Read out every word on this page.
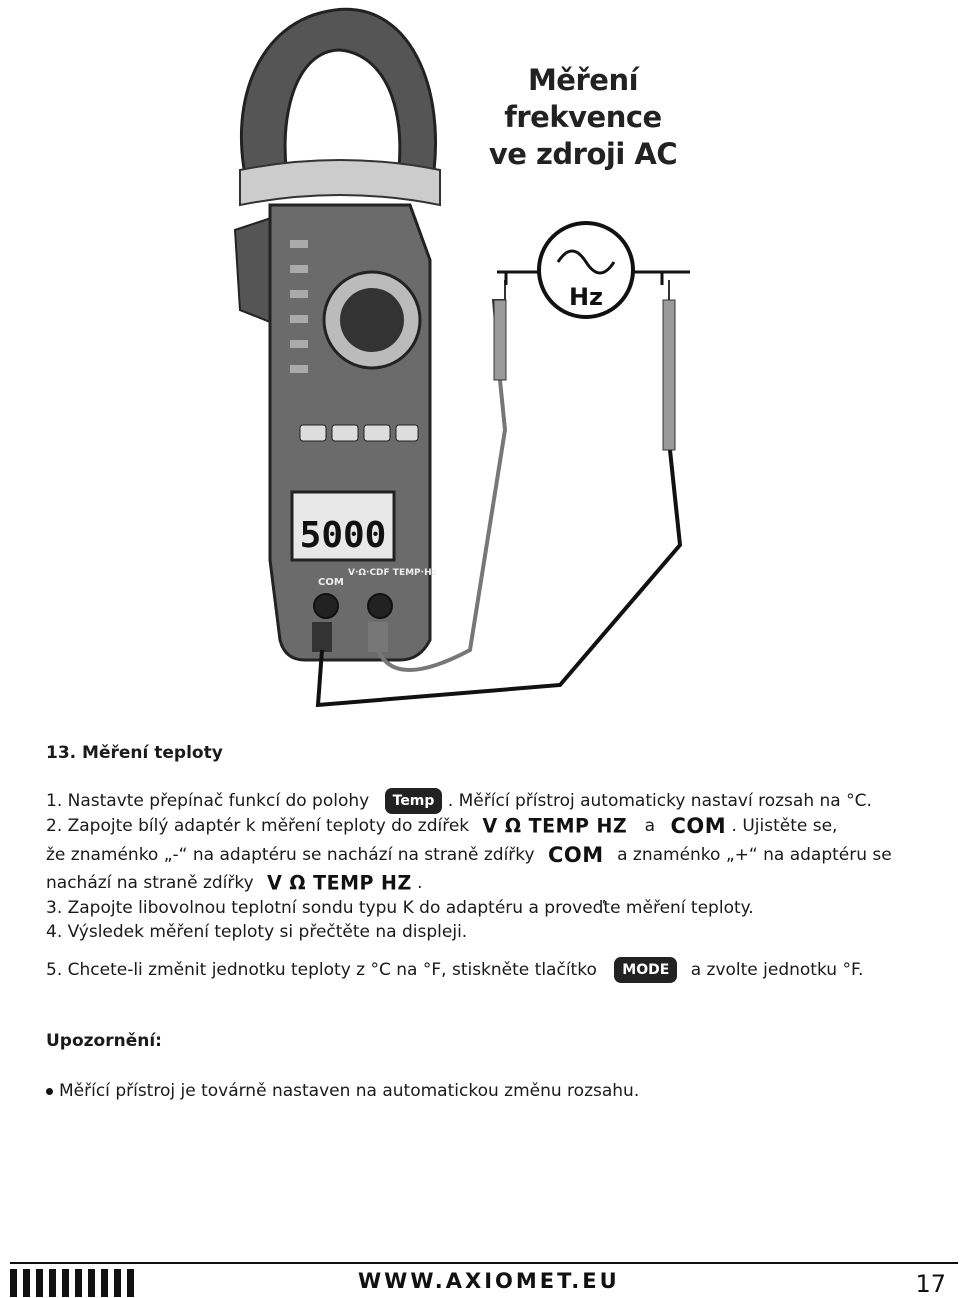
5000
COM
V·Ω·CDF TEMP·Hz
Hz
Měření frekvence
ve zdroji AC
13. Měření teploty
1. Nastavte přepínač funkcí do polohy Temp . Měřící přístroj automaticky nastaví rozsah na °C.
2. Zapojte bílý adaptér k měření teploty do zdířek V Ω TEMP HZ a COM . Ujistěte se,
že znaménko „-“ na adaptéru se nachází na straně zdířky COM a znaménko „+“ na adaptéru se
nachází na straně zdířky V Ω TEMP HZ .
3. Zapojte libovolnou teplotní sondu typu K do adaptéru a proveďte měření teploty.
4. Výsledek měření teploty si přečtěte na displeji.
5. Chcete-li změnit jednotku teploty z °C na °F, stiskněte tlačítko MODE a zvolte jednotku °F.
Upozornění:
Měřící přístroj je továrně nastaven na automatickou změnu rozsahu.
WWW.AXIOMET.EU	17
